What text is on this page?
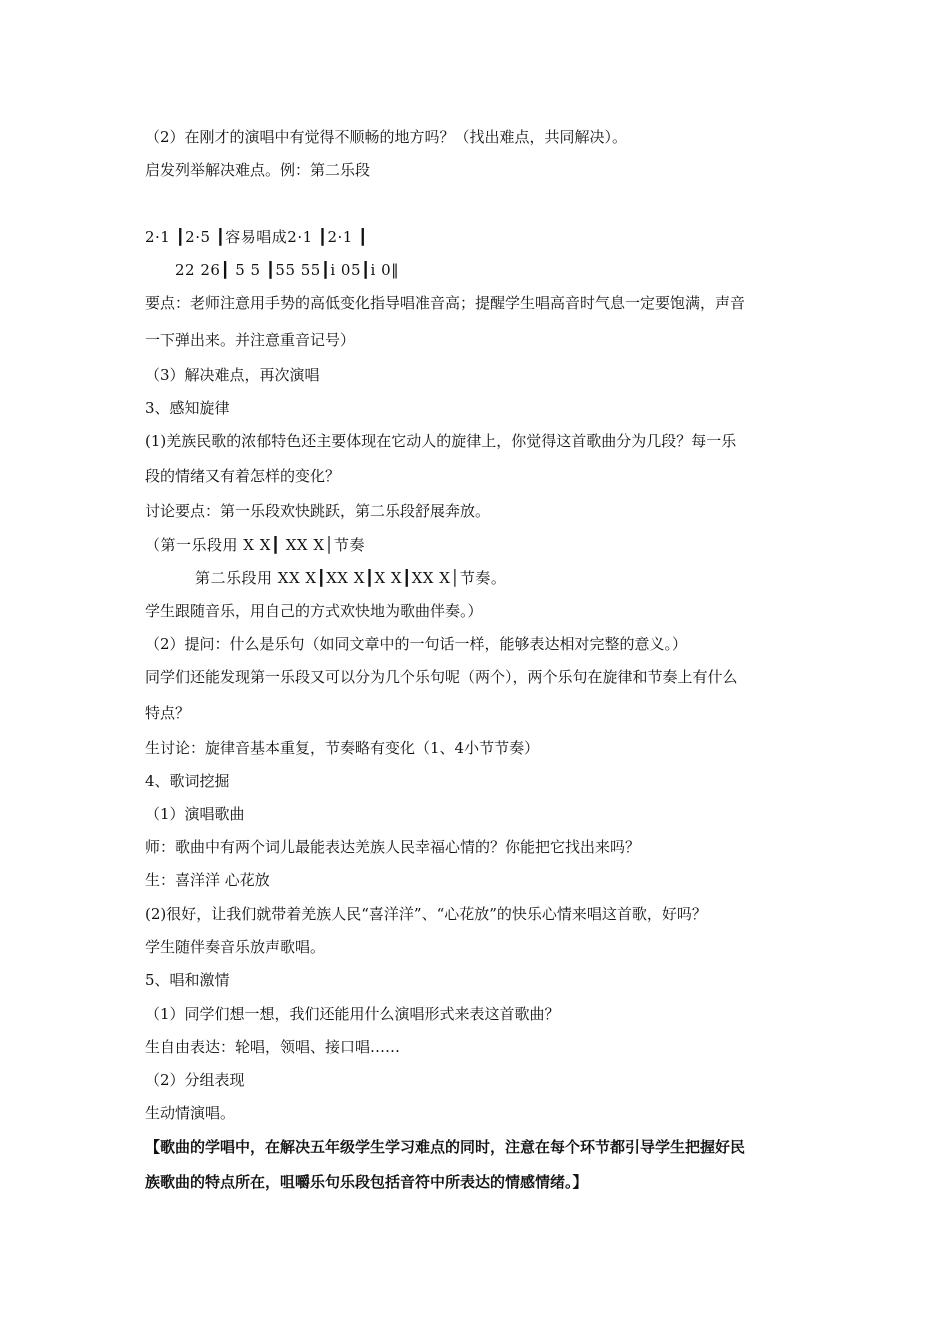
（2）在刚才的演唱中有觉得不顺畅的地方吗？（找出难点，共同解决）。
启发列举解决难点。例：第二乐段
2·1 ┃2·5 ┃容易唱成2·1 ┃2·1 ┃
22 26┃ 5 5 ┃55 55┃i 05┃i 0‖
要点：老师注意用手势的高低变化指导唱准音高；提醒学生唱高音时气息一定要饱满，声音
一下弹出来。并注意重音记号）
（3）解决难点，再次演唱
3、感知旋律
(1)羌族民歌的浓郁特色还主要体现在它动人的旋律上，你觉得这首歌曲分为几段？每一乐
段的情绪又有着怎样的变化？
讨论要点：第一乐段欢快跳跃，第二乐段舒展奔放。
（第一乐段用 X X┃ XX X│节奏
第二乐段用 XX X┃XX X┃X X┃XX X│节奏。
学生跟随音乐，用自己的方式欢快地为歌曲伴奏。）
（2）提问：什么是乐句（如同文章中的一句话一样，能够表达相对完整的意义。）
同学们还能发现第一乐段又可以分为几个乐句呢（两个），两个乐句在旋律和节奏上有什么
特点？
生讨论：旋律音基本重复，节奏略有变化（1、4小节节奏）
4、歌词挖掘
（1）演唱歌曲
师：歌曲中有两个词儿最能表达羌族人民幸福心情的？你能把它找出来吗？
生：喜洋洋 心花放
(2)很好，让我们就带着羌族人民“喜洋洋”、“心花放”的快乐心情来唱这首歌，好吗？
学生随伴奏音乐放声歌唱。
5、唱和激情
（1）同学们想一想，我们还能用什么演唱形式来表这首歌曲？
生自由表达：轮唱，领唱、接口唱……
（2）分组表现
生动情演唱。
【歌曲的学唱中，在解决五年级学生学习难点的同时，注意在每个环节都引导学生把握好民
族歌曲的特点所在，咀嚼乐句乐段包括音符中所表达的情感情绪。】
